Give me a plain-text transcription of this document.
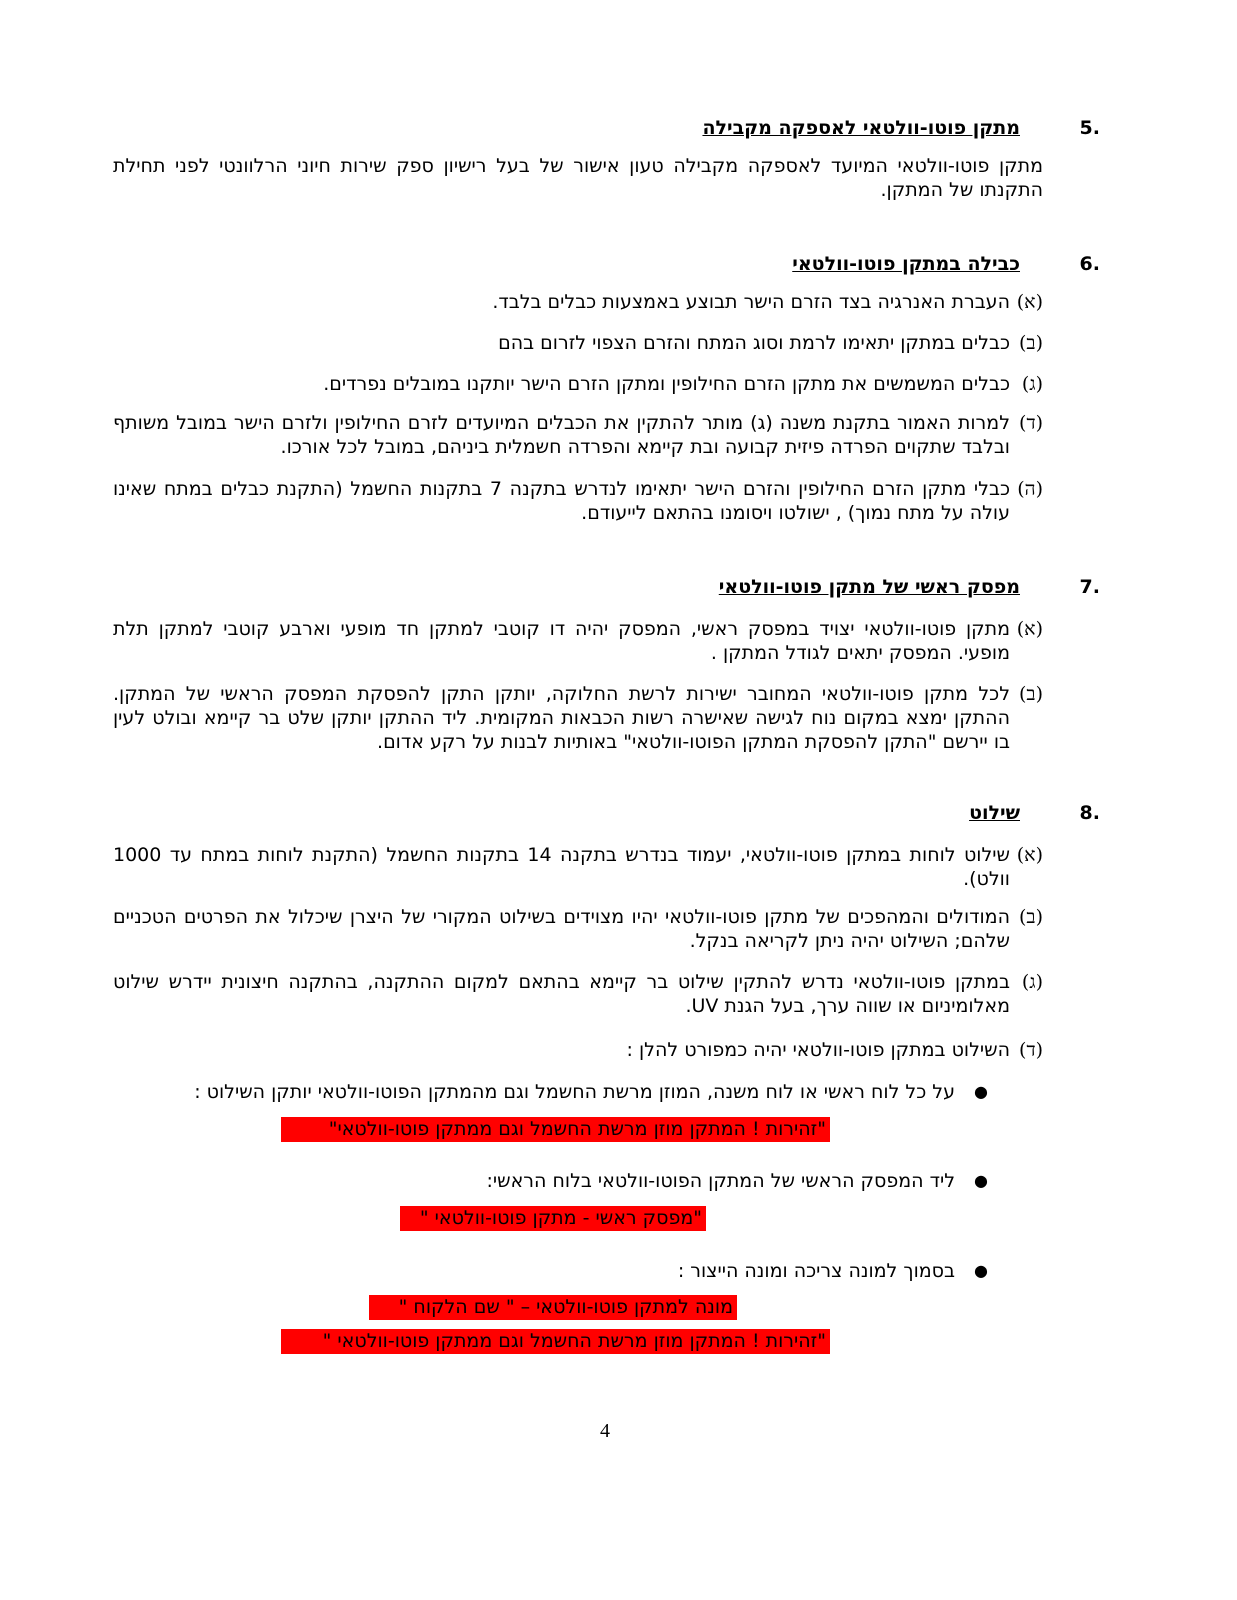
.5
מתקן פוטו-וולטאי לאספקה מקבילה
מתקן פוטו-וולטאי המיועד לאספקה מקבילה טעון אישור של בעל רישיון ספק שירות חיוני הרלוונטי לפני תחילת התקנתו של המתקן.
.6
כבילה במתקן פוטו-וולטאי
(א)
העברת האנרגיה בצד הזרם הישר תבוצע באמצעות כבלים בלבד.
(ב)
כבלים במתקן יתאימו לרמת וסוג המתח והזרם הצפוי לזרום בהם
(ג)
כבלים המשמשים את מתקן הזרם החילופין ומתקן הזרם הישר יותקנו במובלים נפרדים.
(ד)
למרות האמור בתקנת משנה (ג) מותר להתקין את הכבלים המיועדים לזרם החילופין ולזרם הישר במובל משותף ובלבד שתקוים הפרדה פיזית קבועה ובת קיימא והפרדה חשמלית ביניהם, במובל לכל אורכו.
(ה)
כבלי מתקן הזרם החילופין והזרם הישר יתאימו לנדרש בתקנה 7 בתקנות החשמל (התקנת כבלים במתח שאינו עולה על מתח נמוך) , ישולטו ויסומנו בהתאם לייעודם.
.7
מפסק ראשי של מתקן פוטו-וולטאי
(א)
מתקן פוטו-וולטאי יצויד במפסק ראשי, המפסק יהיה דו קוטבי למתקן חד מופעי וארבע קוטבי למתקן תלת מופעי. המפסק יתאים לגודל המתקן .
(ב)
לכל מתקן פוטו-וולטאי המחובר ישירות לרשת החלוקה, יותקן התקן להפסקת המפסק הראשי של המתקן. ההתקן ימצא במקום נוח לגישה שאישרה רשות הכבאות המקומית. ליד ההתקן יותקן שלט בר קיימא ובולט לעין בו יירשם "התקן להפסקת המתקן הפוטו-וולטאי" באותיות לבנות על רקע אדום.
.8
שילוט
(א)
שילוט לוחות במתקן פוטו-וולטאי, יעמוד בנדרש בתקנה 14 בתקנות החשמל (התקנת לוחות במתח עד 1000 וולט).
(ב)
המודולים והמהפכים של מתקן פוטו-וולטאי יהיו מצוידים בשילוט המקורי של היצרן שיכלול את הפרטים הטכניים שלהם; השילוט יהיה ניתן לקריאה בנקל.
(ג)
במתקן פוטו-וולטאי נדרש להתקין שילוט בר קיימא בהתאם למקום ההתקנה, בהתקנה חיצונית יידרש שילוט מאלומיניום או שווה ערך, בעל הגנת UV.
(ד)
השילוט במתקן פוטו-וולטאי יהיה כמפורט להלן :
●
על כל לוח ראשי או לוח משנה, המוזן מרשת החשמל וגם מהמתקן הפוטו-וולטאי יותקן השילוט :
"זהירות ! המתקן מוזן מרשת החשמל וגם ממתקן פוטו-וולטאי"
●
ליד המפסק הראשי של המתקן הפוטו-וולטאי בלוח הראשי:
"מפסק ראשי - מתקן פוטו-וולטאי "
●
בסמוך למונה צריכה ומונה הייצור :
מונה למתקן פוטו-וולטאי – " שם הלקוח "
"זהירות ! המתקן מוזן מרשת החשמל וגם ממתקן פוטו-וולטאי "
4
